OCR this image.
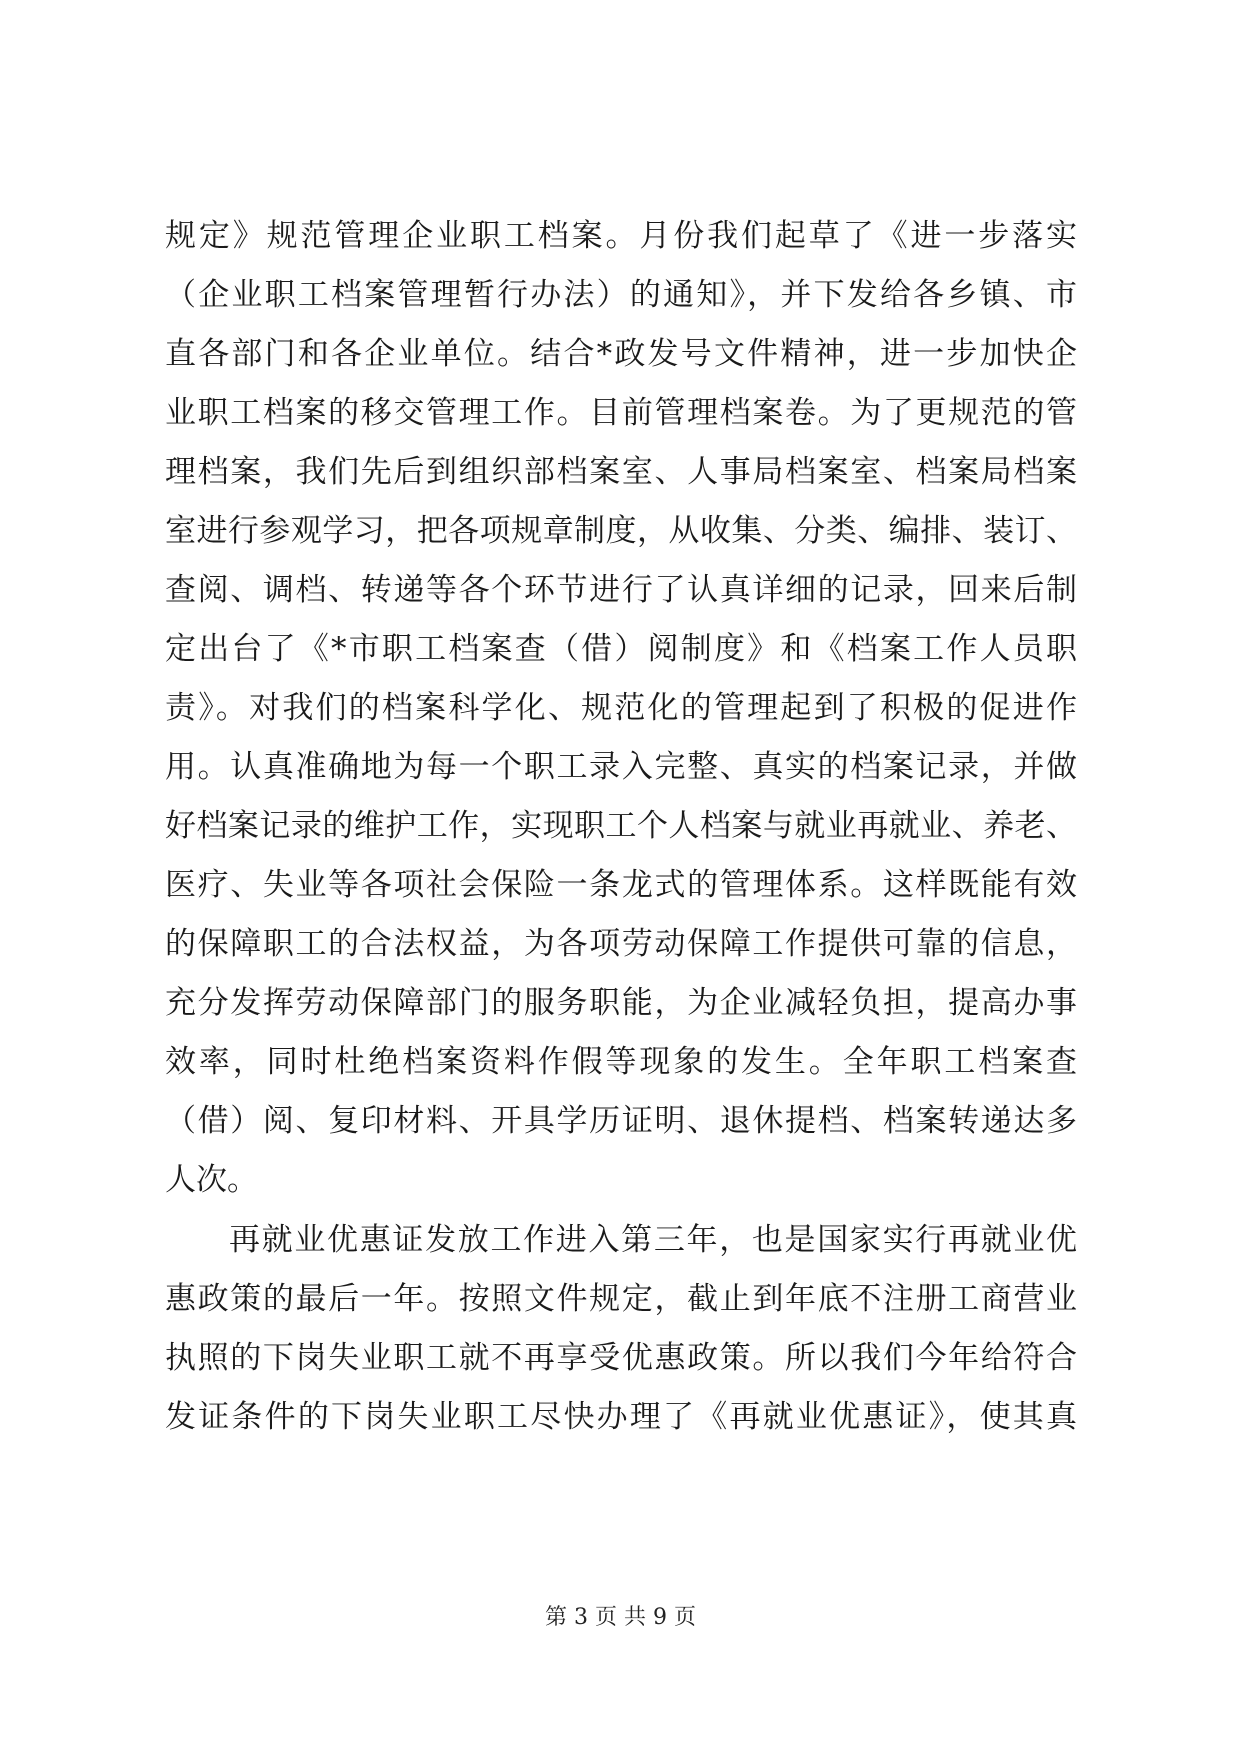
规定》规范管理企业职工档案。月份我们起草了《进一步落实
（企业职工档案管理暂行办法）的通知》，并下发给各乡镇、市
直各部门和各企业单位。结合*政发号文件精神，进一步加快企
业职工档案的移交管理工作。目前管理档案卷。为了更规范的管
理档案，我们先后到组织部档案室、人事局档案室、档案局档案
室进行参观学习，把各项规章制度，从收集、分类、编排、装订、
查阅、调档、转递等各个环节进行了认真详细的记录，回来后制
定出台了《*市职工档案查（借）阅制度》和《档案工作人员职
责》。对我们的档案科学化、规范化的管理起到了积极的促进作
用。认真准确地为每一个职工录入完整、真实的档案记录，并做
好档案记录的维护工作，实现职工个人档案与就业再就业、养老、
医疗、失业等各项社会保险一条龙式的管理体系。这样既能有效
的保障职工的合法权益，为各项劳动保障工作提供可靠的信息，
充分发挥劳动保障部门的服务职能，为企业减轻负担，提高办事
效率，同时杜绝档案资料作假等现象的发生。全年职工档案查
（借）阅、复印材料、开具学历证明、退休提档、档案转递达多
人次。
再就业优惠证发放工作进入第三年，也是国家实行再就业优
惠政策的最后一年。按照文件规定，截止到年底不注册工商营业
执照的下岗失业职工就不再享受优惠政策。所以我们今年给符合
发证条件的下岗失业职工尽快办理了《再就业优惠证》，使其真
第 3 页 共 9 页
